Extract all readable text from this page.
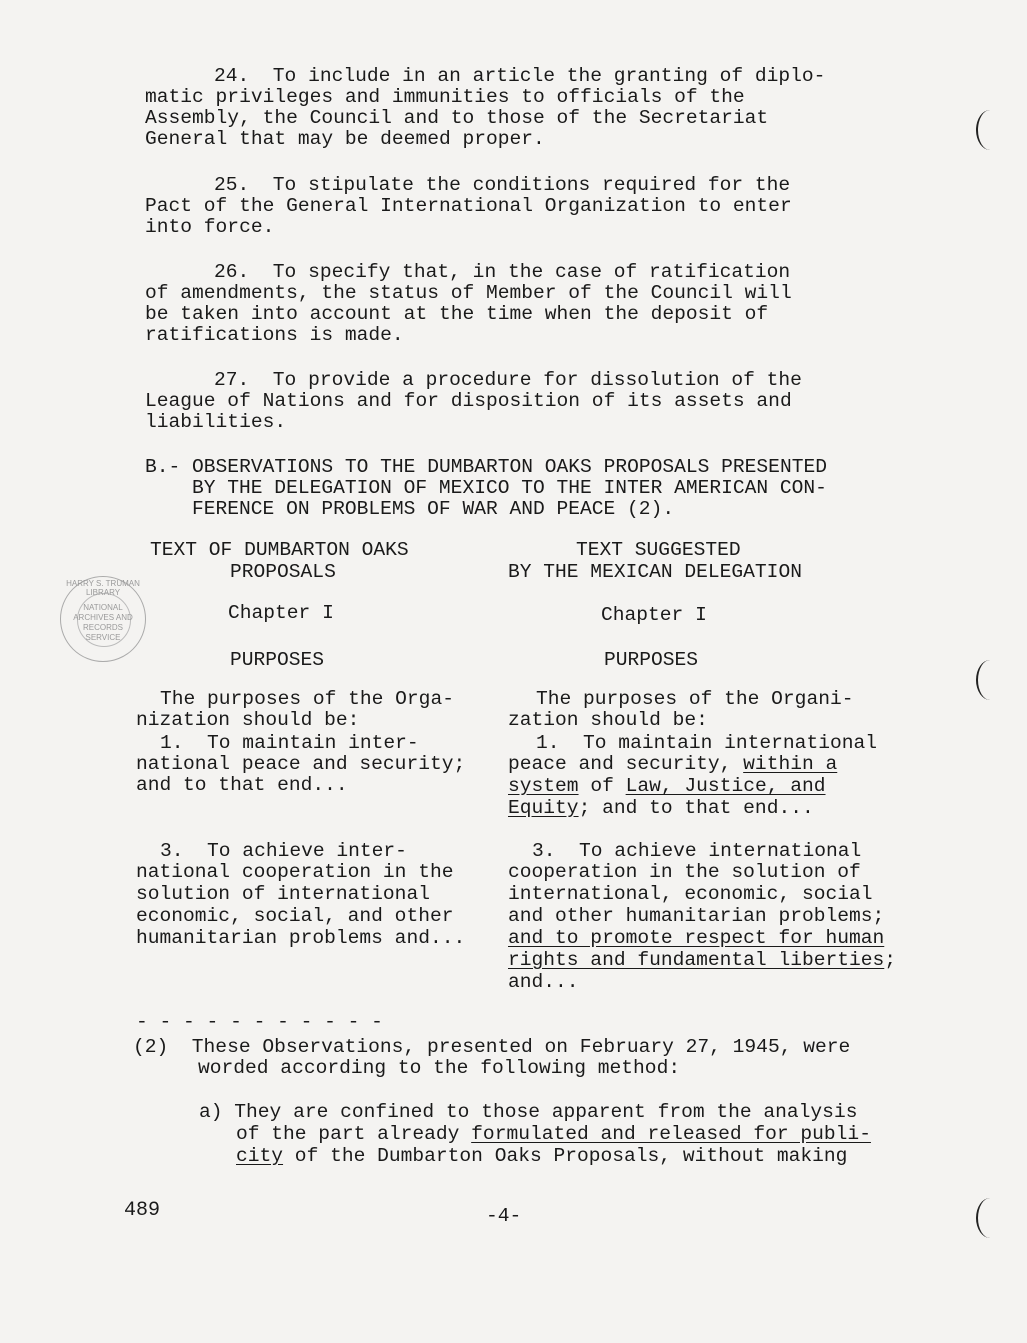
24.  To include in an article the granting of diplo-
matic privileges and immunities to officials of the
Assembly, the Council and to those of the Secretariat
General that may be deemed proper.
25.  To stipulate the conditions required for the
Pact of the General International Organization to enter
into force.
26.  To specify that, in the case of ratification
of amendments, the status of Member of the Council will
be taken into account at the time when the deposit of
ratifications is made.
27.  To provide a procedure for dissolution of the
League of Nations and for disposition of its assets and
liabilities.
B.- OBSERVATIONS TO THE DUMBARTON OAKS PROPOSALS PRESENTED
BY THE DELEGATION OF MEXICO TO THE INTER AMERICAN CON-
FERENCE ON PROBLEMS OF WAR AND PEACE (2).
HARRY S. TRUMAN LIBRARY
NATIONAL
ARCHIVES AND
RECORDS
SERVICE
TEXT OF DUMBARTON OAKS
PROPOSALS
Chapter I
PURPOSES
The purposes of the Orga-
nization should be:
1.  To maintain inter-
national peace and security;
and to that end...
3.  To achieve inter-
national cooperation in the
solution of international
economic, social, and other
humanitarian problems and...
TEXT SUGGESTED
BY THE MEXICAN DELEGATION
Chapter I
PURPOSES
The purposes of the Organi-
zation should be:
1.  To maintain international
peace and security, within a
system of Law, Justice, and
Equity; and to that end...
3.  To achieve international
cooperation in the solution of
international, economic, social
and other humanitarian problems;
and to promote respect for human
rights and fundamental liberties;
and...
- - - - - - - - - - -
(2)  These Observations, presented on February 27, 1945, were
worded according to the following method:
a) They are confined to those apparent from the analysis
of the part already formulated and released for publi-
city of the Dumbarton Oaks Proposals, without making
489	-4-
